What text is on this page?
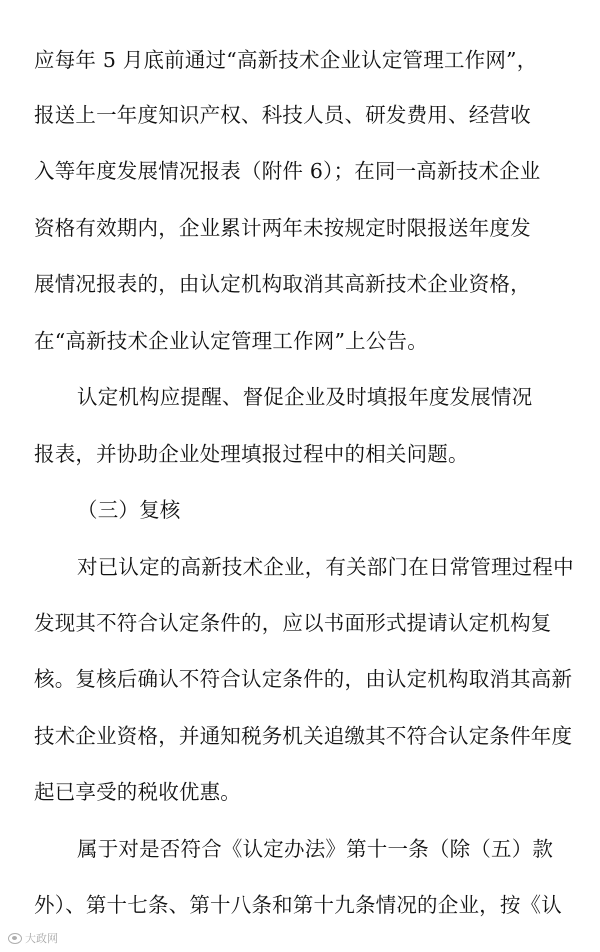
应每年 5 月底前通过“高新技术企业认定管理工作网”，
报送上一年度知识产权、科技人员、研发费用、经营收
入等年度发展情况报表（附件 6）；在同一高新技术企业
资格有效期内，企业累计两年未按规定时限报送年度发
展情况报表的，由认定机构取消其高新技术企业资格，
在“高新技术企业认定管理工作网”上公告。
认定机构应提醒、督促企业及时填报年度发展情况
报表，并协助企业处理填报过程中的相关问题。
（三）复核
对已认定的高新技术企业，有关部门在日常管理过程中
发现其不符合认定条件的，应以书面形式提请认定机构复
核。复核后确认不符合认定条件的，由认定机构取消其高新
技术企业资格，并通知税务机关追缴其不符合认定条件年度
起已享受的税收优惠。
属于对是否符合《认定办法》第十一条（除（五）款
外）、第十七条、第十八条和第十九条情况的企业，按《认
大政网
